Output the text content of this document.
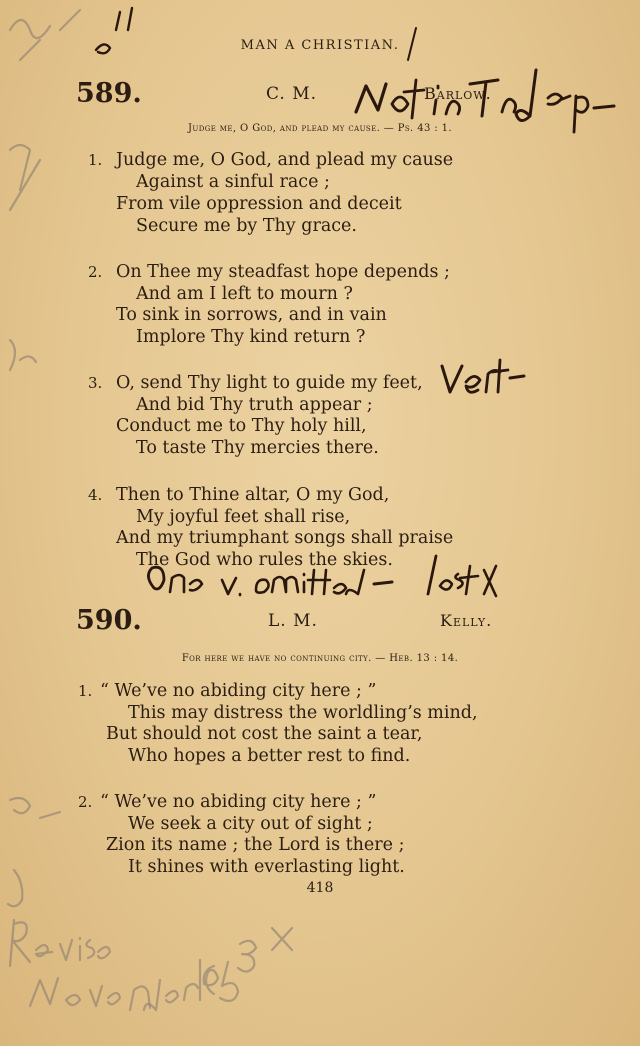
MAN A CHRISTIAN.
589.	C. M.	Barlow.
Judge me, O God, and plead my cause. — Ps. 43 : 1.
1. Judge me, O God, and plead my cause
Against a sinful race ;
From vile oppression and deceit
Secure me by Thy grace.
2. On Thee my steadfast hope depends ;
And am I left to mourn ?
To sink in sorrows, and in vain
Implore Thy kind return ?
3. O, send Thy light to guide my feet,
And bid Thy truth appear ;
Conduct me to Thy holy hill,
To taste Thy mercies there.
4. Then to Thine altar, O my God,
My joyful feet shall rise,
And my triumphant songs shall praise
The God who rules the skies.
590.	L. M.	Kelly.
For here we have no continuing city. — Heb. 13 : 14.
1. “ We’ve no abiding city here ; ”
This may distress the worldling’s mind,
But should not cost the saint a tear,
Who hopes a better rest to find.
2. “ We’ve no abiding city here ; ”
We seek a city out of sight ;
Zion its name ; the Lord is there ;
It shines with everlasting light.
418
